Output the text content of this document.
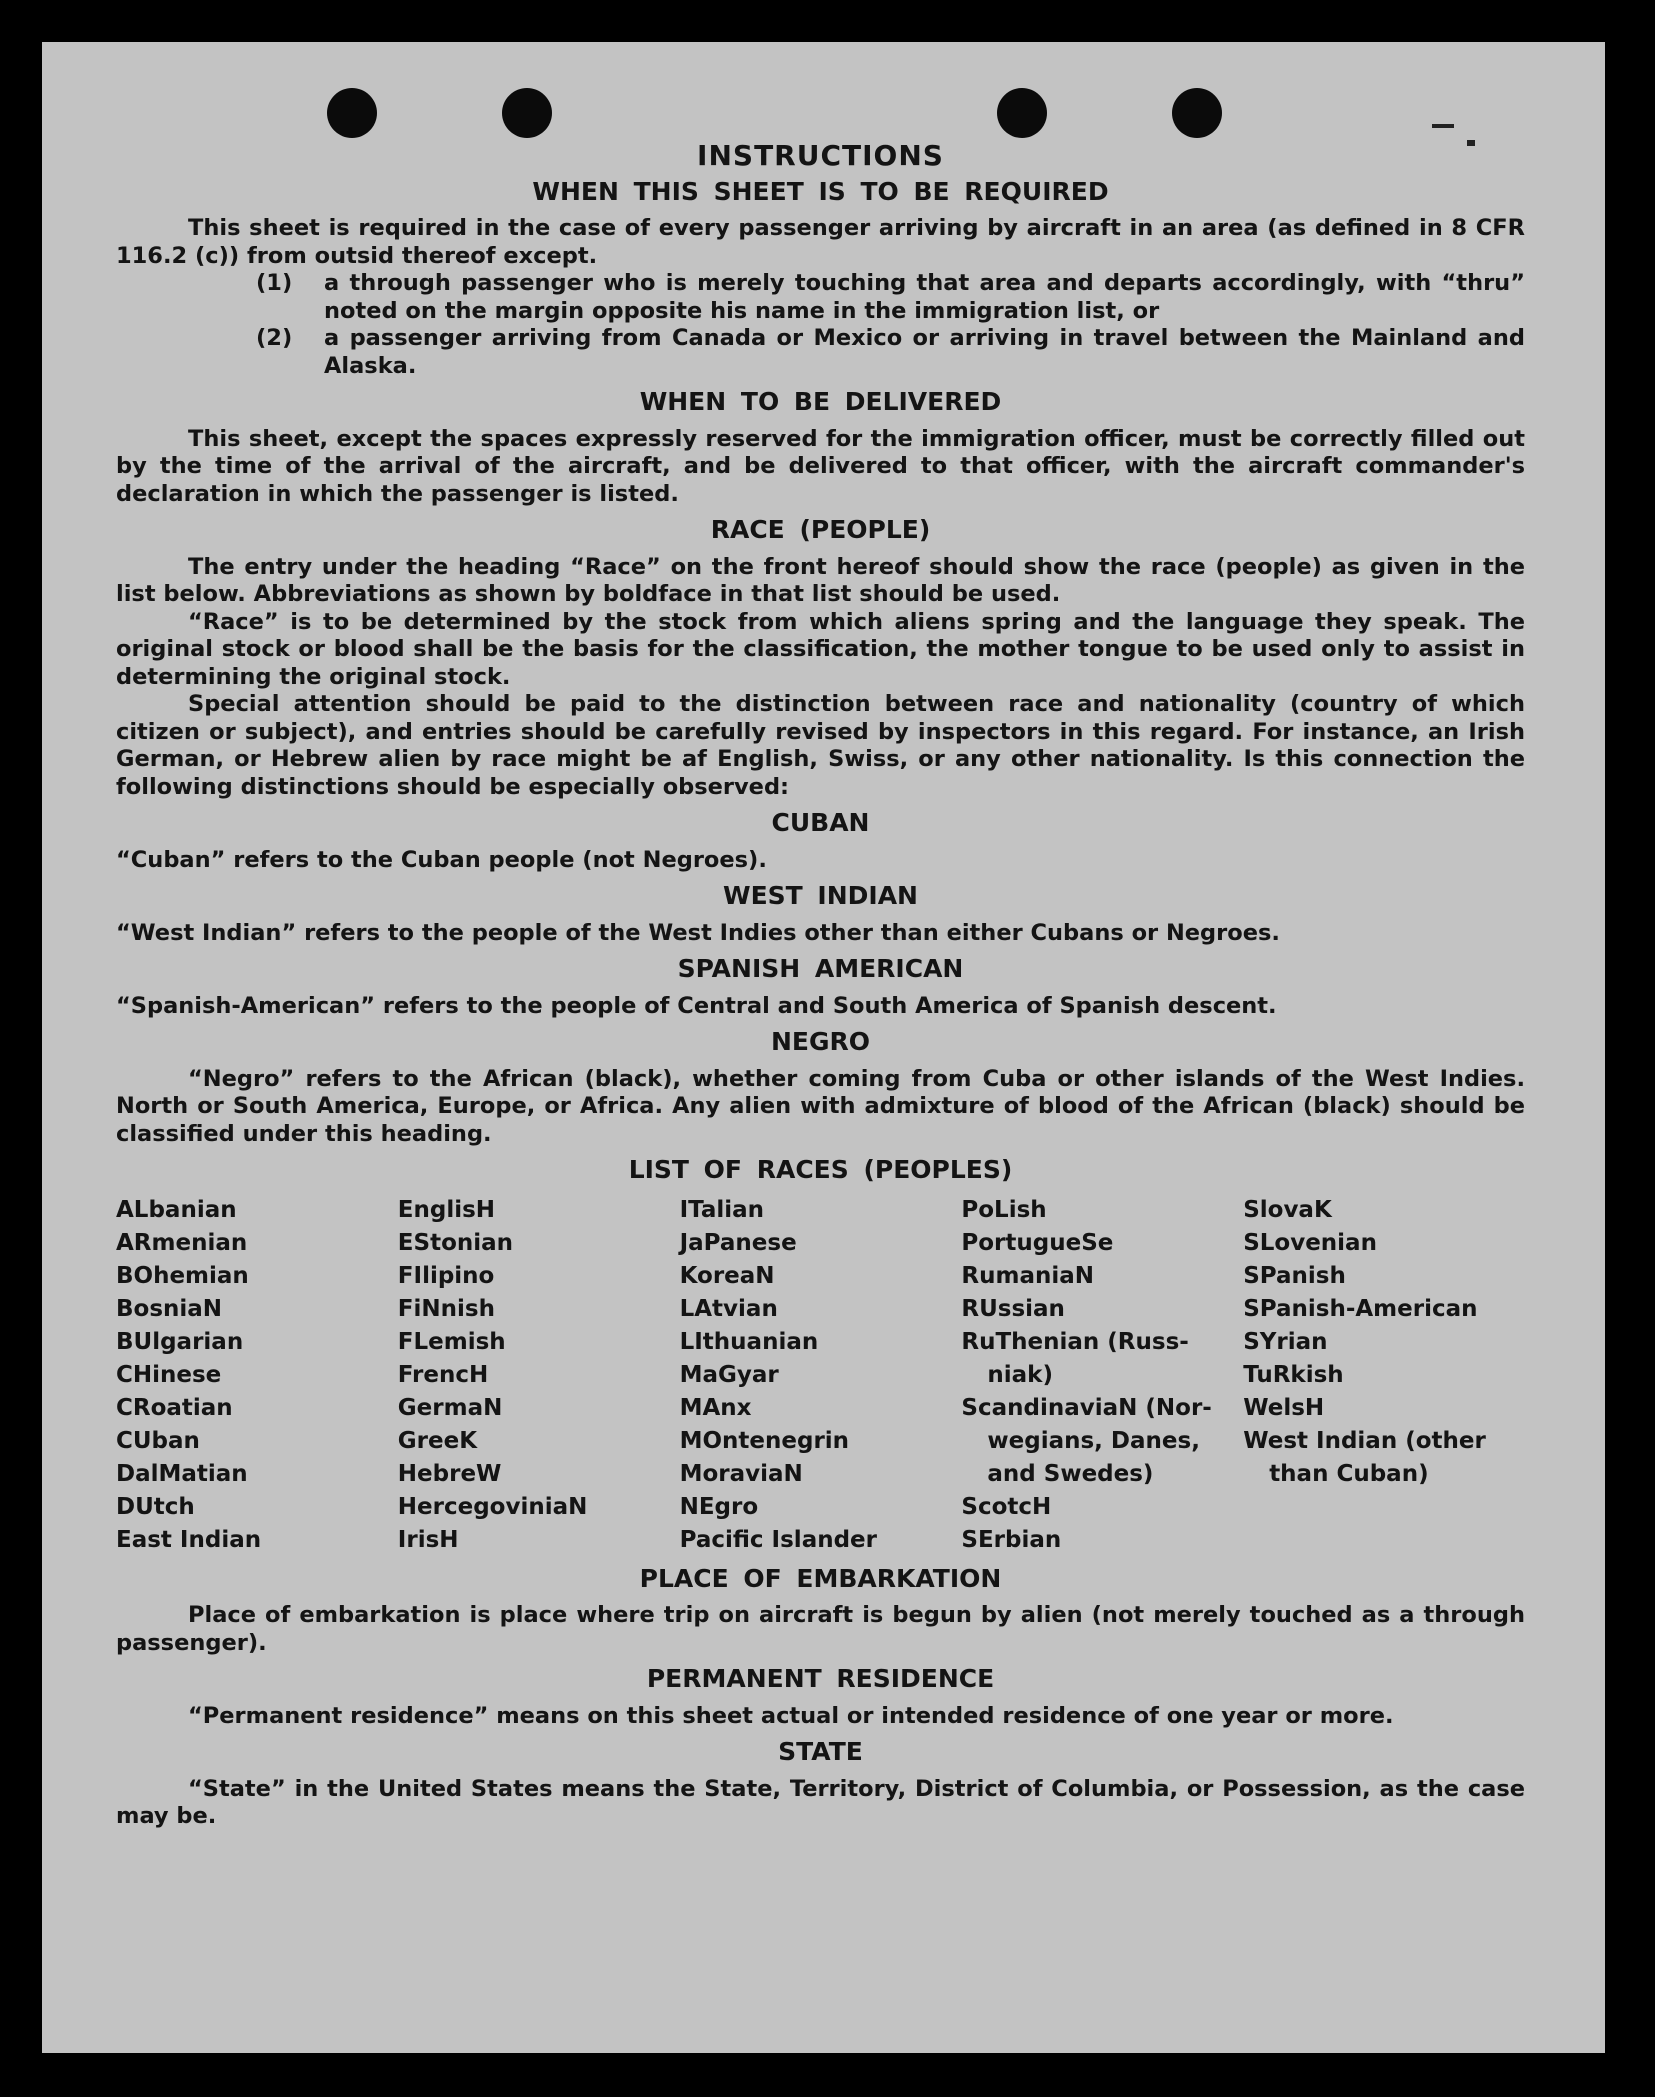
INSTRUCTIONS
WHEN THIS SHEET IS TO BE REQUIRED

This sheet is required in the case of every passenger arriving by aircraft in an area (as defined in 8 CFR 116.2 (c)) from outsid thereof except.

(1) a through passenger who is merely touching that area and departs accordingly, with “thru” noted on the margin opposite his name in the immigration list, or
(2) a passenger arriving from Canada or Mexico or arriving in travel between the Mainland and Alaska.
WHEN TO BE DELIVERED

This sheet, except the spaces expressly reserved for the immigration officer, must be correctly filled out by the time of the arrival of the aircraft, and be delivered to that officer, with the aircraft commander's declaration in which the passenger is listed.

RACE (PEOPLE)

The entry under the heading “Race” on the front hereof should show the race (people) as given in the list below. Abbreviations as shown by boldface in that list should be used.

“Race” is to be determined by the stock from which aliens spring and the language they speak. The original stock or blood shall be the basis for the classification, the mother tongue to be used only to assist in determining the original stock.

Special attention should be paid to the distinction between race and nationality (country of which citizen or subject), and entries should be carefully revised by inspectors in this regard. For instance, an Irish German, or Hebrew alien by race might be af English, Swiss, or any other nationality. Is this connection the following distinctions should be especially observed:

CUBAN

“Cuban” refers to the Cuban people (not Negroes).

WEST INDIAN

“West Indian” refers to the people of the West Indies other than either Cubans or Negroes.

SPANISH AMERICAN

“Spanish-American” refers to the people of Central and South America of Spanish descent.

NEGRO

“Negro” refers to the African (black), whether coming from Cuba or other islands of the West Indies. North or South America, Europe, or Africa. Any alien with admixture of blood of the African (black) should be classified under this heading.

LIST OF RACES (PEOPLES)
ALbanian
ARmenian
BOhemian
BosniaN
BUlgarian
CHinese
CRoatian
CUban
DalMatian
DUtch
East Indian
EnglisH
EStonian
FIlipino
FiNnish
FLemish
FrencH
GermaN
GreeK
HebreW
HercegoviniaN
IrisH
ITalian
JaPanese
KoreaN
LAtvian
LIthuanian
MaGyar
MAnx
MOntenegrin
MoraviaN
NEgro
Pacific Islander
PoLish
PortugueSe
RumaniaN
RUssian
RuThenian (Russ-
niak)
ScandinaviaN (Nor-
wegians, Danes,
and Swedes)
ScotcH
SErbian
SlovaK
SLovenian
SPanish
SPanish-American
SYrian
TuRkish
WelsH
West Indian (other
than Cuban)
PLACE OF EMBARKATION

Place of embarkation is place where trip on aircraft is begun by alien (not merely touched as a through passenger).

PERMANENT RESIDENCE

“Permanent residence” means on this sheet actual or intended residence of one year or more.

STATE

“State” in the United States means the State, Territory, District of Columbia, or Possession, as the case may be.
